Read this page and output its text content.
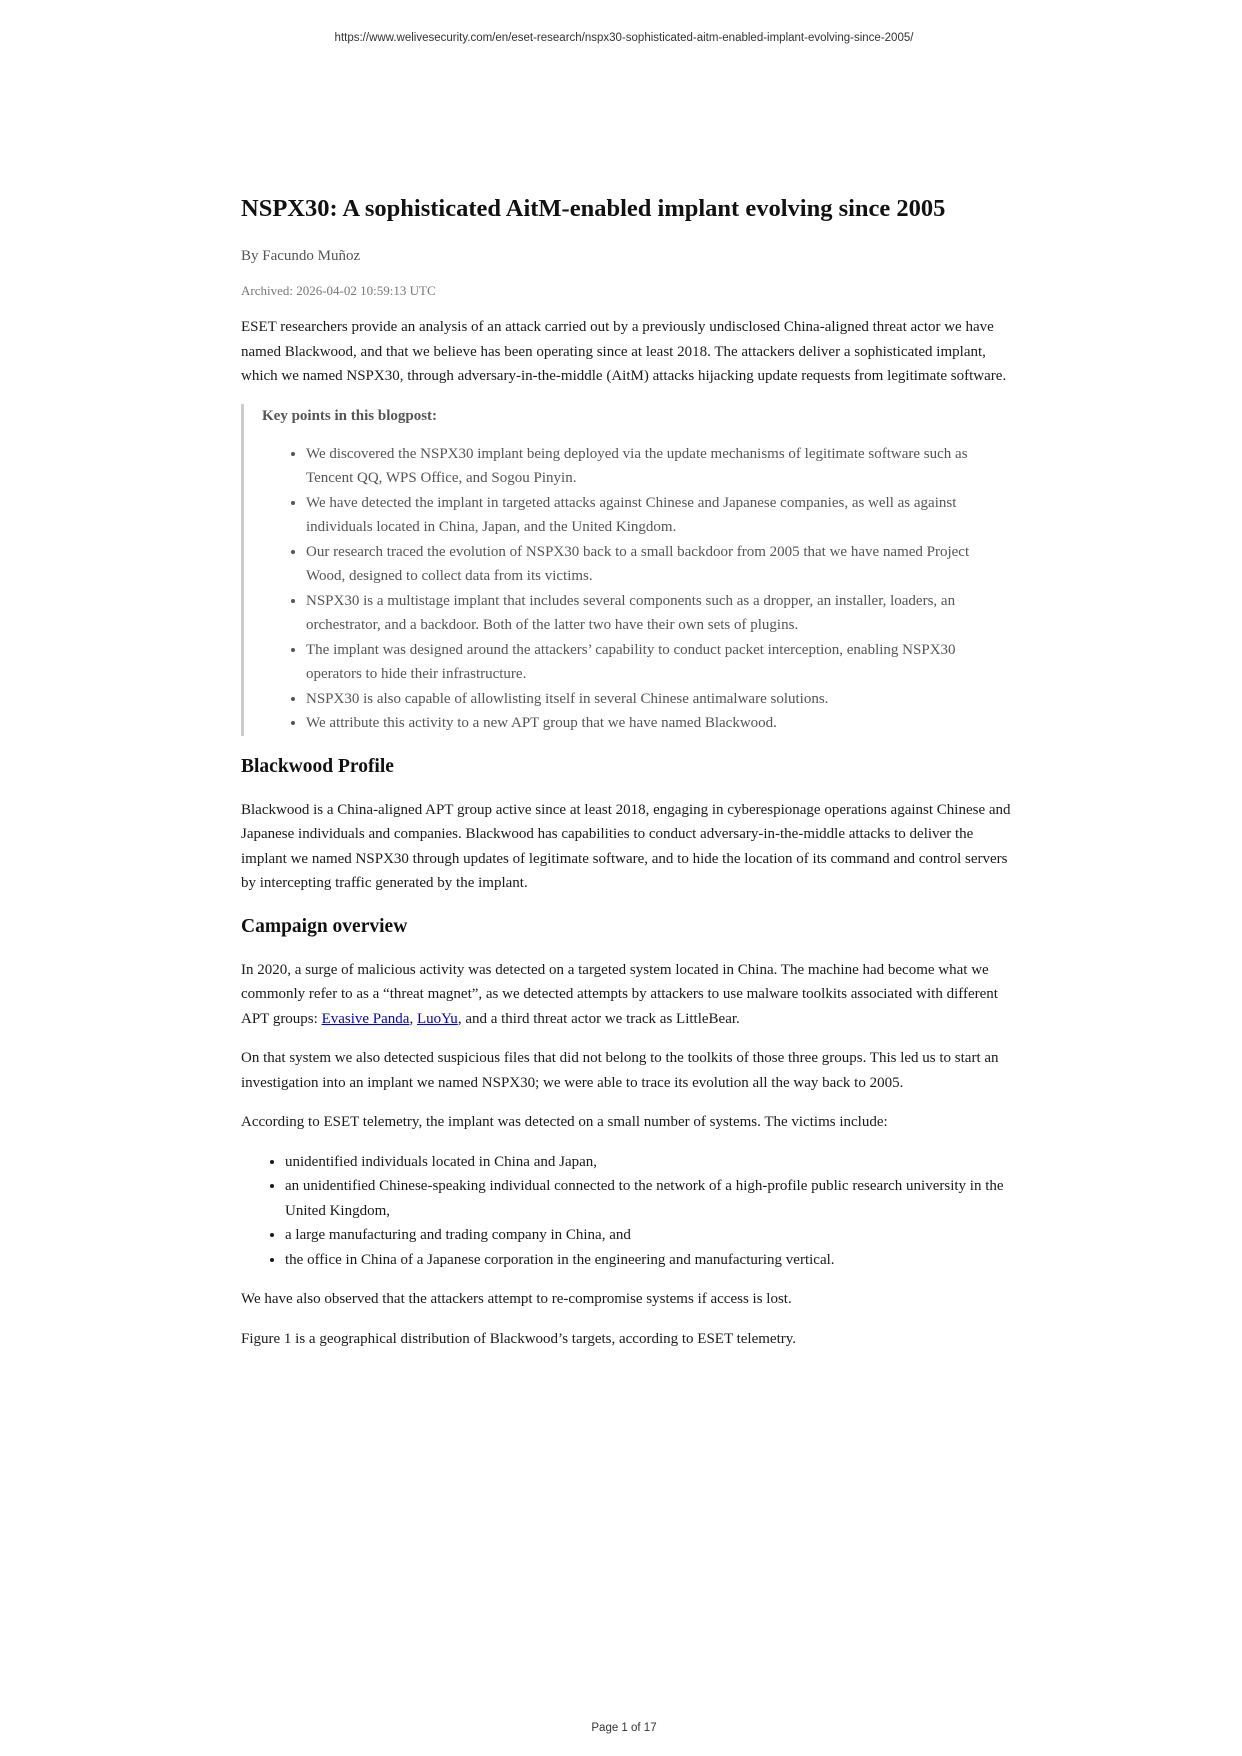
https://www.welivesecurity.com/en/eset-research/nspx30-sophisticated-aitm-enabled-implant-evolving-since-2005/
NSPX30: A sophisticated AitM-enabled implant evolving since 2005
By Facundo Muñoz
Archived: 2026-04-02 10:59:13 UTC

ESET researchers provide an analysis of an attack carried out by a previously undisclosed China-aligned threat actor we have named Blackwood, and that we believe has been operating since at least 2018. The attackers deliver a sophisticated implant, which we named NSPX30, through adversary-in-the-middle (AitM) attacks hijacking update requests from legitimate software.

Key points in this blogpost:
• We discovered the NSPX30 implant being deployed via the update mechanisms of legitimate software such as Tencent QQ, WPS Office, and Sogou Pinyin.
• We have detected the implant in targeted attacks against Chinese and Japanese companies, as well as against individuals located in China, Japan, and the United Kingdom.
• Our research traced the evolution of NSPX30 back to a small backdoor from 2005 that we have named Project Wood, designed to collect data from its victims.
• NSPX30 is a multistage implant that includes several components such as a dropper, an installer, loaders, an orchestrator, and a backdoor. Both of the latter two have their own sets of plugins.
• The implant was designed around the attackers’ capability to conduct packet interception, enabling NSPX30 operators to hide their infrastructure.
• NSPX30 is also capable of allowlisting itself in several Chinese antimalware solutions.
• We attribute this activity to a new APT group that we have named Blackwood.
Blackwood Profile

Blackwood is a China-aligned APT group active since at least 2018, engaging in cyberespionage operations against Chinese and Japanese individuals and companies. Blackwood has capabilities to conduct adversary-in-the-middle attacks to deliver the implant we named NSPX30 through updates of legitimate software, and to hide the location of its command and control servers by intercepting traffic generated by the implant.

Campaign overview

In 2020, a surge of malicious activity was detected on a targeted system located in China. The machine had become what we commonly refer to as a “threat magnet”, as we detected attempts by attackers to use malware toolkits associated with different APT groups: Evasive Panda, LuoYu, and a third threat actor we track as LittleBear.

On that system we also detected suspicious files that did not belong to the toolkits of those three groups. This led us to start an investigation into an implant we named NSPX30; we were able to trace its evolution all the way back to 2005.

According to ESET telemetry, the implant was detected on a small number of systems. The victims include:

• unidentified individuals located in China and Japan,
• an unidentified Chinese-speaking individual connected to the network of a high-profile public research university in the United Kingdom,
• a large manufacturing and trading company in China, and
• the office in China of a Japanese corporation in the engineering and manufacturing vertical.

We have also observed that the attackers attempt to re-compromise systems if access is lost.

Figure 1 is a geographical distribution of Blackwood’s targets, according to ESET telemetry.

Page 1 of 17
